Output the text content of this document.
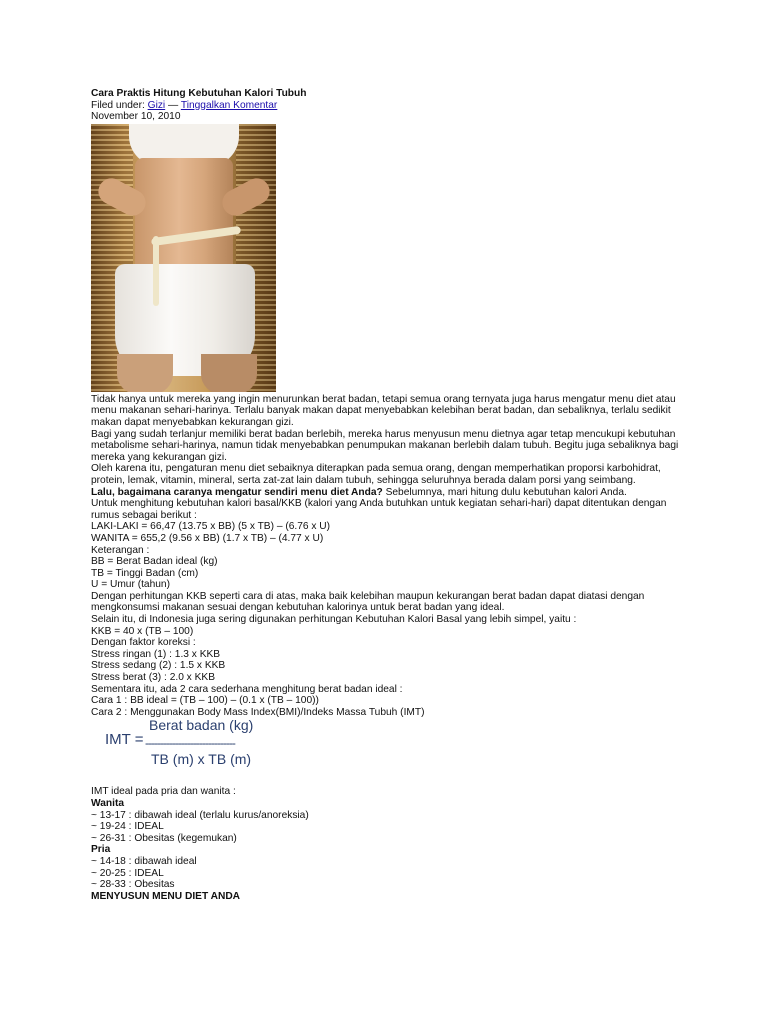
Cara Praktis Hitung Kebutuhan Kalori Tubuh
Filed under: Gizi — Tinggalkan Komentar
November 10, 2010

Tidak hanya untuk mereka yang ingin menurunkan berat badan, tetapi semua orang ternyata juga harus mengatur menu diet atau

menu makanan sehari-harinya. Terlalu banyak makan dapat menyebabkan kelebihan berat badan, dan sebaliknya, terlalu sedikit

makan dapat menyebabkan kekurangan gizi.

Bagi yang sudah terlanjur memiliki berat badan berlebih, mereka harus menyusun menu dietnya agar tetap mencukupi kebutuhan

metabolisme sehari-harinya, namun tidak menyebabkan penumpukan makanan berlebih dalam tubuh. Begitu juga sebaliknya bagi

mereka yang kekurangan gizi.

Oleh karena itu, pengaturan menu diet sebaiknya diterapkan pada semua orang, dengan memperhatikan proporsi karbohidrat,

protein, lemak, vitamin, mineral, serta zat-zat lain dalam tubuh, sehingga seluruhnya berada dalam porsi yang seimbang.

Lalu, bagaimana caranya mengatur sendiri menu diet Anda? Sebelumnya, mari hitung dulu kebutuhan kalori Anda.

Untuk menghitung kebutuhan kalori basal/KKB (kalori yang Anda butuhkan untuk kegiatan sehari-hari) dapat ditentukan dengan

rumus sebagai berikut :

LAKI-LAKI = 66,47 (13.75 x BB) (5 x TB) – (6.76 x U)

WANITA = 655,2 (9.56 x BB) (1.7 x TB) – (4.77 x U)

Keterangan :

BB = Berat Badan ideal (kg)

TB = Tinggi Badan (cm)

U = Umur (tahun)

Dengan perhitungan KKB seperti cara di atas, maka baik kelebihan maupun kekurangan berat badan dapat diatasi dengan

mengkonsumsi makanan sesuai dengan kebutuhan kalorinya untuk berat badan yang ideal.

Selain itu, di Indonesia juga sering digunakan perhitungan Kebutuhan Kalori Basal yang lebih simpel, yaitu :

KKB = 40 x (TB – 100)

Dengan faktor koreksi :

Stress ringan (1) : 1.3 x KKB

Stress sedang (2) : 1.5 x KKB

Stress berat (3) : 2.0 x KKB

Sementara itu, ada 2 cara sederhana menghitung berat badan ideal :

Cara 1 : BB ideal = (TB – 100) – (0.1 x (TB – 100))

Cara 2 : Menggunakan Body Mass Index(BMI)/Indeks Massa Tubuh (IMT)

Berat badan (kg)
IMT = ------------------------------
TB (m) x TB (m)

IMT ideal pada pria dan wanita :

Wanita

~ 13-17 : dibawah ideal (terlalu kurus/anoreksia)

~ 19-24 : IDEAL

~ 26-31 : Obesitas (kegemukan)

Pria

~ 14-18 : dibawah ideal

~ 20-25 : IDEAL

~ 28-33 : Obesitas

MENYUSUN MENU DIET ANDA
